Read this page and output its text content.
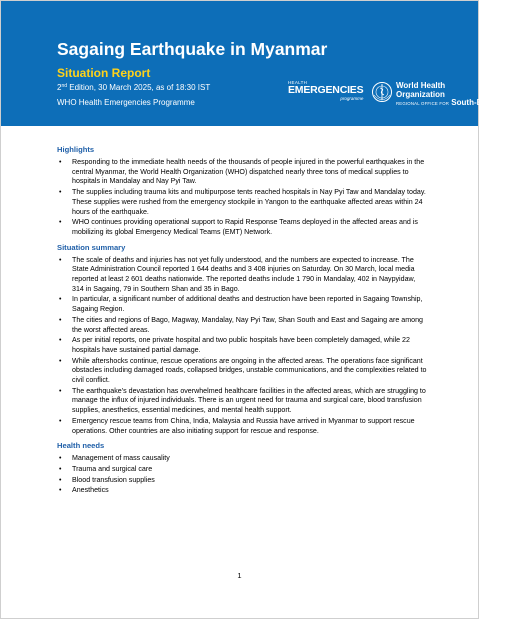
Sagaing Earthquake in Myanmar
Situation Report
2nd Edition, 30 March 2025, as of 18:30 IST
WHO Health Emergencies Programme
HEALTH
EMERGENCIES
programme
World Health
Organization
REGIONAL OFFICE FOR South-East Asia
Highlights
• Responding to the immediate health needs of the thousands of people injured in the powerful earthquakes in the central Myanmar, the World Health Organization (WHO) dispatched nearly three tons of medical supplies to hospitals in Mandalay and Nay Pyi Taw.
• The supplies including trauma kits and multipurpose tents reached hospitals in Nay Pyi Taw and Mandalay today. These supplies were rushed from the emergency stockpile in Yangon to the earthquake affected areas within 24 hours of the earthquake.
• WHO continues providing operational support to Rapid Response Teams deployed in the affected areas and is mobilizing its global Emergency Medical Teams (EMT) Network.
Situation summary
• The scale of deaths and injuries has not yet fully understood, and the numbers are expected to increase. The State Administration Council reported 1 644 deaths and 3 408 injuries on Saturday. On 30 March, local media reported at least 2 601 deaths nationwide. The reported deaths include 1 790 in Mandalay, 402 in Naypyidaw, 314 in Sagaing, 79 in Southern Shan and 35 in Bago.
• In particular, a significant number of additional deaths and destruction have been reported in Sagaing Township, Sagaing Region.
• The cities and regions of Bago, Magway, Mandalay, Nay Pyi Taw, Shan South and East and Sagaing are among the worst affected areas.
• As per initial reports, one private hospital and two public hospitals have been completely damaged, while 22 hospitals have sustained partial damage.
• While aftershocks continue, rescue operations are ongoing in the affected areas. The operations face significant obstacles including damaged roads, collapsed bridges, unstable communications, and the complexities related to civil conflict.
• The earthquake’s devastation has overwhelmed healthcare facilities in the affected areas, which are struggling to manage the influx of injured individuals. There is an urgent need for trauma and surgical care, blood transfusion supplies, anesthetics, essential medicines, and mental health support.
• Emergency rescue teams from China, India, Malaysia and Russia have arrived in Myanmar to support rescue operations. Other countries are also initiating support for rescue and response.
Health needs
• Management of mass causality
• Trauma and surgical care
• Blood transfusion supplies
• Anesthetics
1
